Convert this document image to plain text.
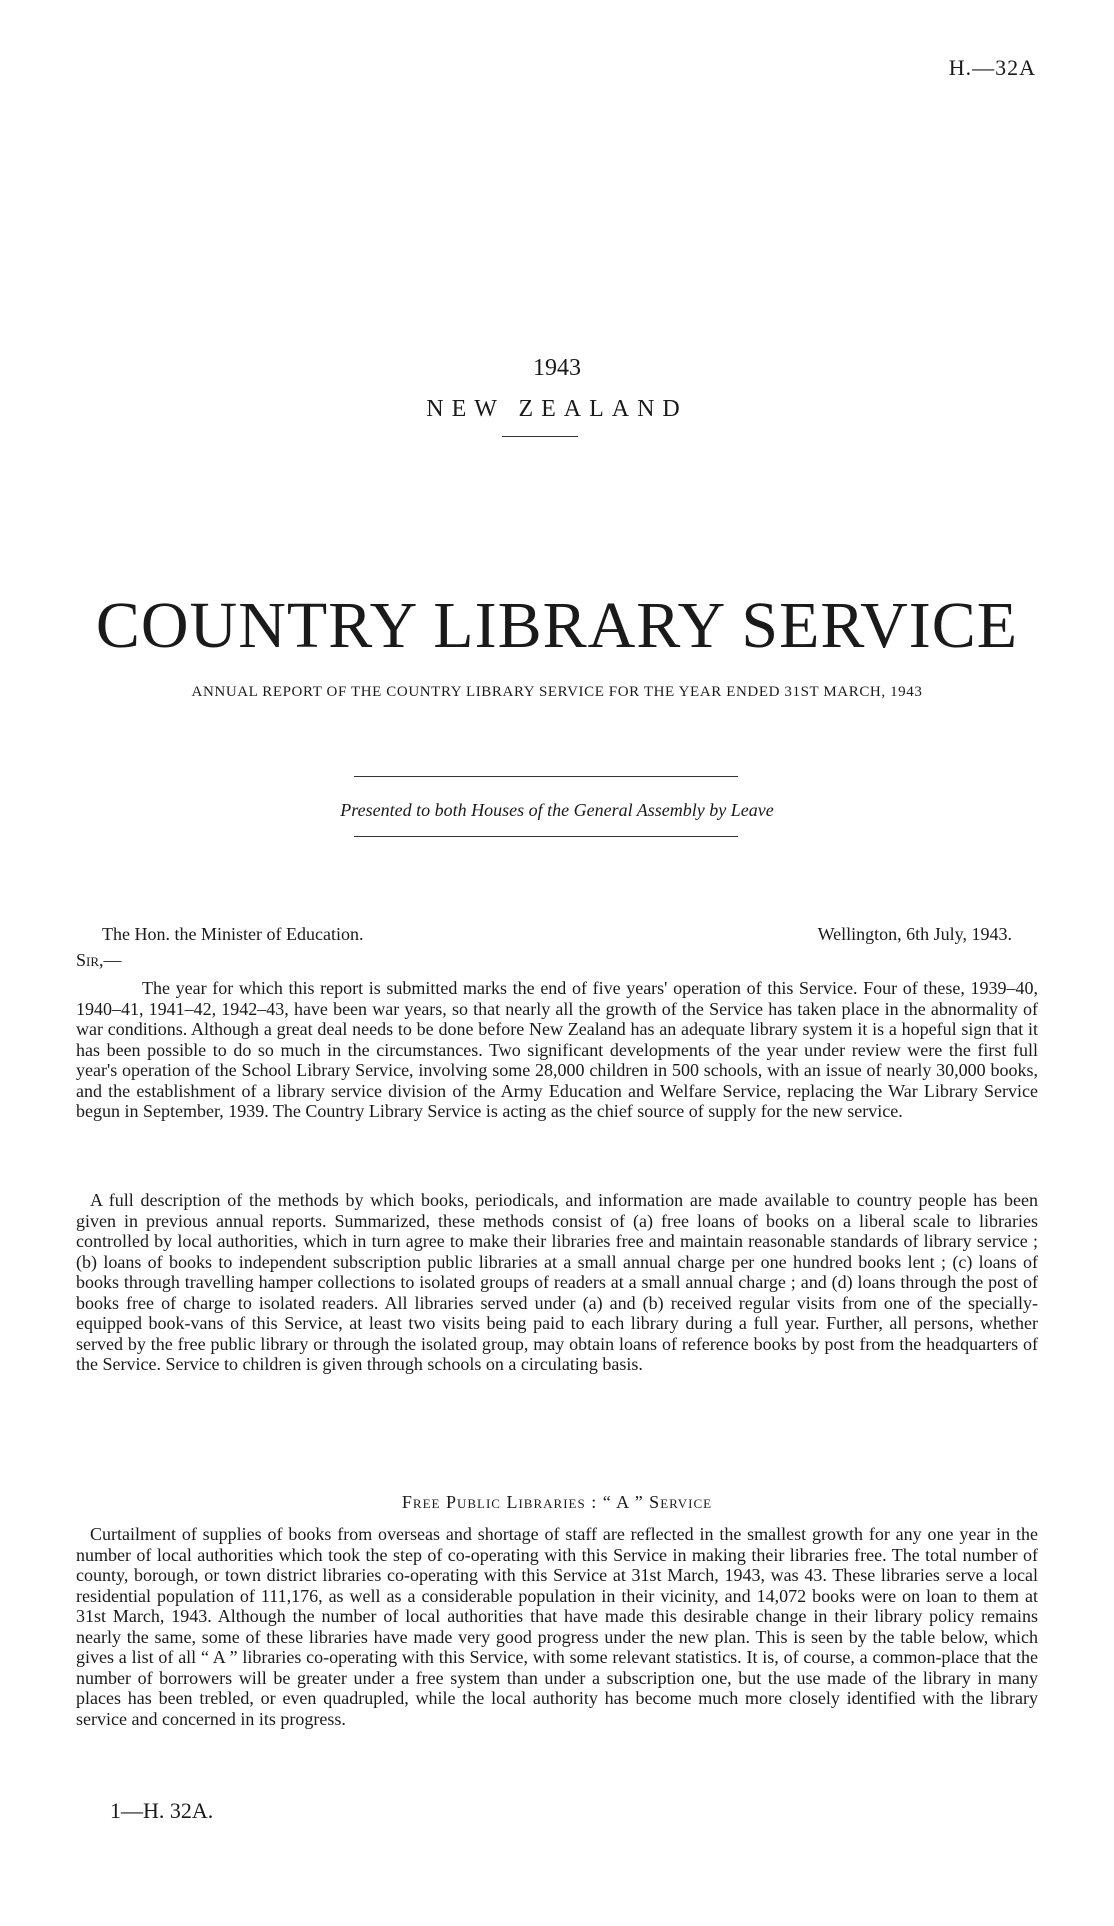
H.—32A
1943
NEW ZEALAND
COUNTRY LIBRARY SERVICE
ANNUAL REPORT OF THE COUNTRY LIBRARY SERVICE FOR THE YEAR ENDED 31ST MARCH, 1943
Presented to both Houses of the General Assembly by Leave
The Hon. the Minister of Education.	Wellington, 6th July, 1943.
Sir,—

The year for which this report is submitted marks the end of five years' operation of this Service. Four of these, 1939–40, 1940–41, 1941–42, 1942–43, have been war years, so that nearly all the growth of the Service has taken place in the abnormality of war conditions. Although a great deal needs to be done before New Zealand has an adequate library system it is a hopeful sign that it has been possible to do so much in the circumstances. Two significant developments of the year under review were the first full year's operation of the School Library Service, involving some 28,000 children in 500 schools, with an issue of nearly 30,000 books, and the establishment of a library service division of the Army Education and Welfare Service, replacing the War Library Service begun in September, 1939. The Country Library Service is acting as the chief source of supply for the new service.

A full description of the methods by which books, periodicals, and information are made available to country people has been given in previous annual reports. Summarized, these methods consist of (a) free loans of books on a liberal scale to libraries controlled by local authorities, which in turn agree to make their libraries free and maintain reasonable standards of library service ; (b) loans of books to independent subscription public libraries at a small annual charge per one hundred books lent ; (c) loans of books through travelling hamper collections to isolated groups of readers at a small annual charge ; and (d) loans through the post of books free of charge to isolated readers. All libraries served under (a) and (b) received regular visits from one of the specially-equipped book-vans of this Service, at least two visits being paid to each library during a full year. Further, all persons, whether served by the free public library or through the isolated group, may obtain loans of reference books by post from the headquarters of the Service. Service to children is given through schools on a circulating basis.

Free Public Libraries : “ A ” Service

Curtailment of supplies of books from overseas and shortage of staff are reflected in the smallest growth for any one year in the number of local authorities which took the step of co-operating with this Service in making their libraries free. The total number of county, borough, or town district libraries co-operating with this Service at 31st March, 1943, was 43. These libraries serve a local residential population of 111,176, as well as a considerable population in their vicinity, and 14,072 books were on loan to them at 31st March, 1943. Although the number of local authorities that have made this desirable change in their library policy remains nearly the same, some of these libraries have made very good progress under the new plan. This is seen by the table below, which gives a list of all “ A ” libraries co-operating with this Service, with some relevant statistics. It is, of course, a common-place that the number of borrowers will be greater under a free system than under a subscription one, but the use made of the library in many places has been trebled, or even quadrupled, while the local authority has become much more closely identified with the library service and concerned in its progress.

1—H. 32A.
